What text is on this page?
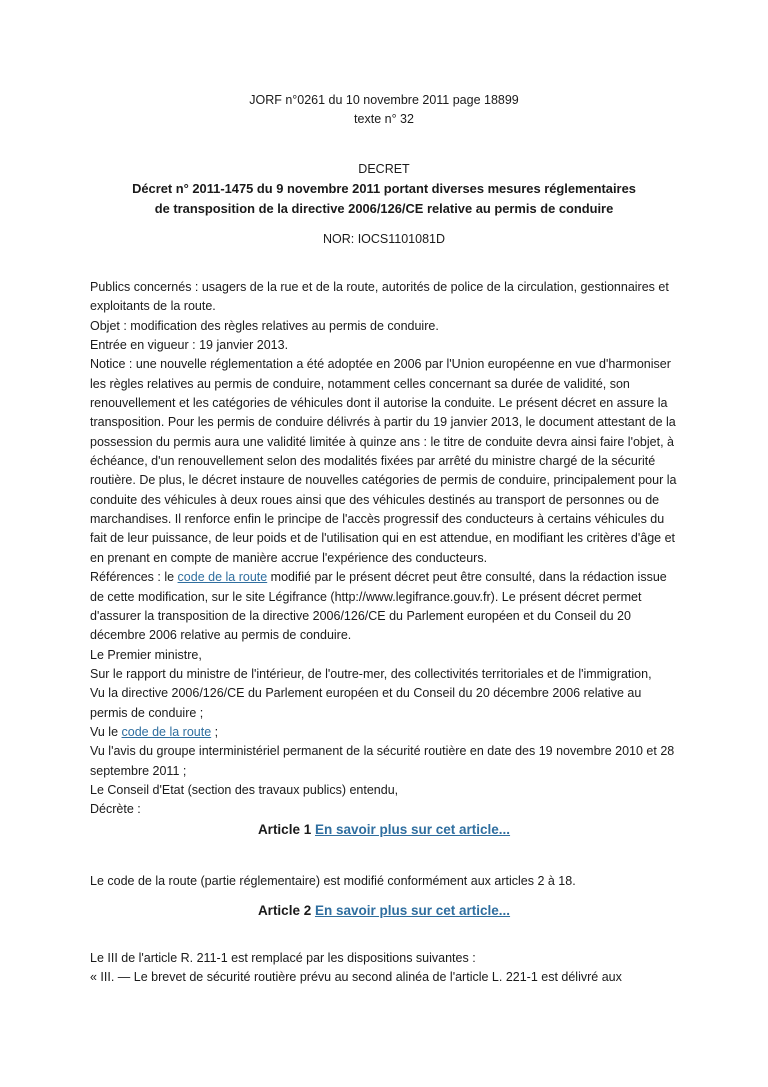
JORF n°0261 du 10 novembre 2011 page 18899
texte n° 32
DECRET
Décret n° 2011-1475 du 9 novembre 2011 portant diverses mesures réglementaires
de transposition de la directive 2006/126/CE relative au permis de conduire
NOR: IOCS1101081D

Publics concernés : usagers de la rue et de la route, autorités de police de la circulation, gestionnaires et exploitants de la route.

Objet : modification des règles relatives au permis de conduire.

Entrée en vigueur : 19 janvier 2013.

Notice : une nouvelle réglementation a été adoptée en 2006 par l'Union européenne en vue d'harmoniser les règles relatives au permis de conduire, notamment celles concernant sa durée de validité, son renouvellement et les catégories de véhicules dont il autorise la conduite. Le présent décret en assure la transposition. Pour les permis de conduire délivrés à partir du 19 janvier 2013, le document attestant de la possession du permis aura une validité limitée à quinze ans : le titre de conduite devra ainsi faire l'objet, à échéance, d'un renouvellement selon des modalités fixées par arrêté du ministre chargé de la sécurité routière. De plus, le décret instaure de nouvelles catégories de permis de conduire, principalement pour la conduite des véhicules à deux roues ainsi que des véhicules destinés au transport de personnes ou de marchandises. Il renforce enfin le principe de l'accès progressif des conducteurs à certains véhicules du fait de leur puissance, de leur poids et de l'utilisation qui en est attendue, en modifiant les critères d'âge et en prenant en compte de manière accrue l'expérience des conducteurs.

Références : le code de la route modifié par le présent décret peut être consulté, dans la rédaction issue de cette modification, sur le site Légifrance (http://www.legifrance.gouv.fr). Le présent décret permet d'assurer la transposition de la directive 2006/126/CE du Parlement européen et du Conseil du 20 décembre 2006 relative au permis de conduire.

Le Premier ministre,

Sur le rapport du ministre de l'intérieur, de l'outre-mer, des collectivités territoriales et de l'immigration,

Vu la directive 2006/126/CE du Parlement européen et du Conseil du 20 décembre 2006 relative au permis de conduire ;

Vu le code de la route ;

Vu l'avis du groupe interministériel permanent de la sécurité routière en date des 19 novembre 2010 et 28 septembre 2011 ;

Le Conseil d'Etat (section des travaux publics) entendu,

Décrète :

Article 1 En savoir plus sur cet article...
Le code de la route (partie réglementaire) est modifié conformément aux articles 2 à 18.
Article 2 En savoir plus sur cet article...
Le III de l'article R. 211-1 est remplacé par les dispositions suivantes :
« III. — Le brevet de sécurité routière prévu au second alinéa de l'article L. 221-1 est délivré aux
